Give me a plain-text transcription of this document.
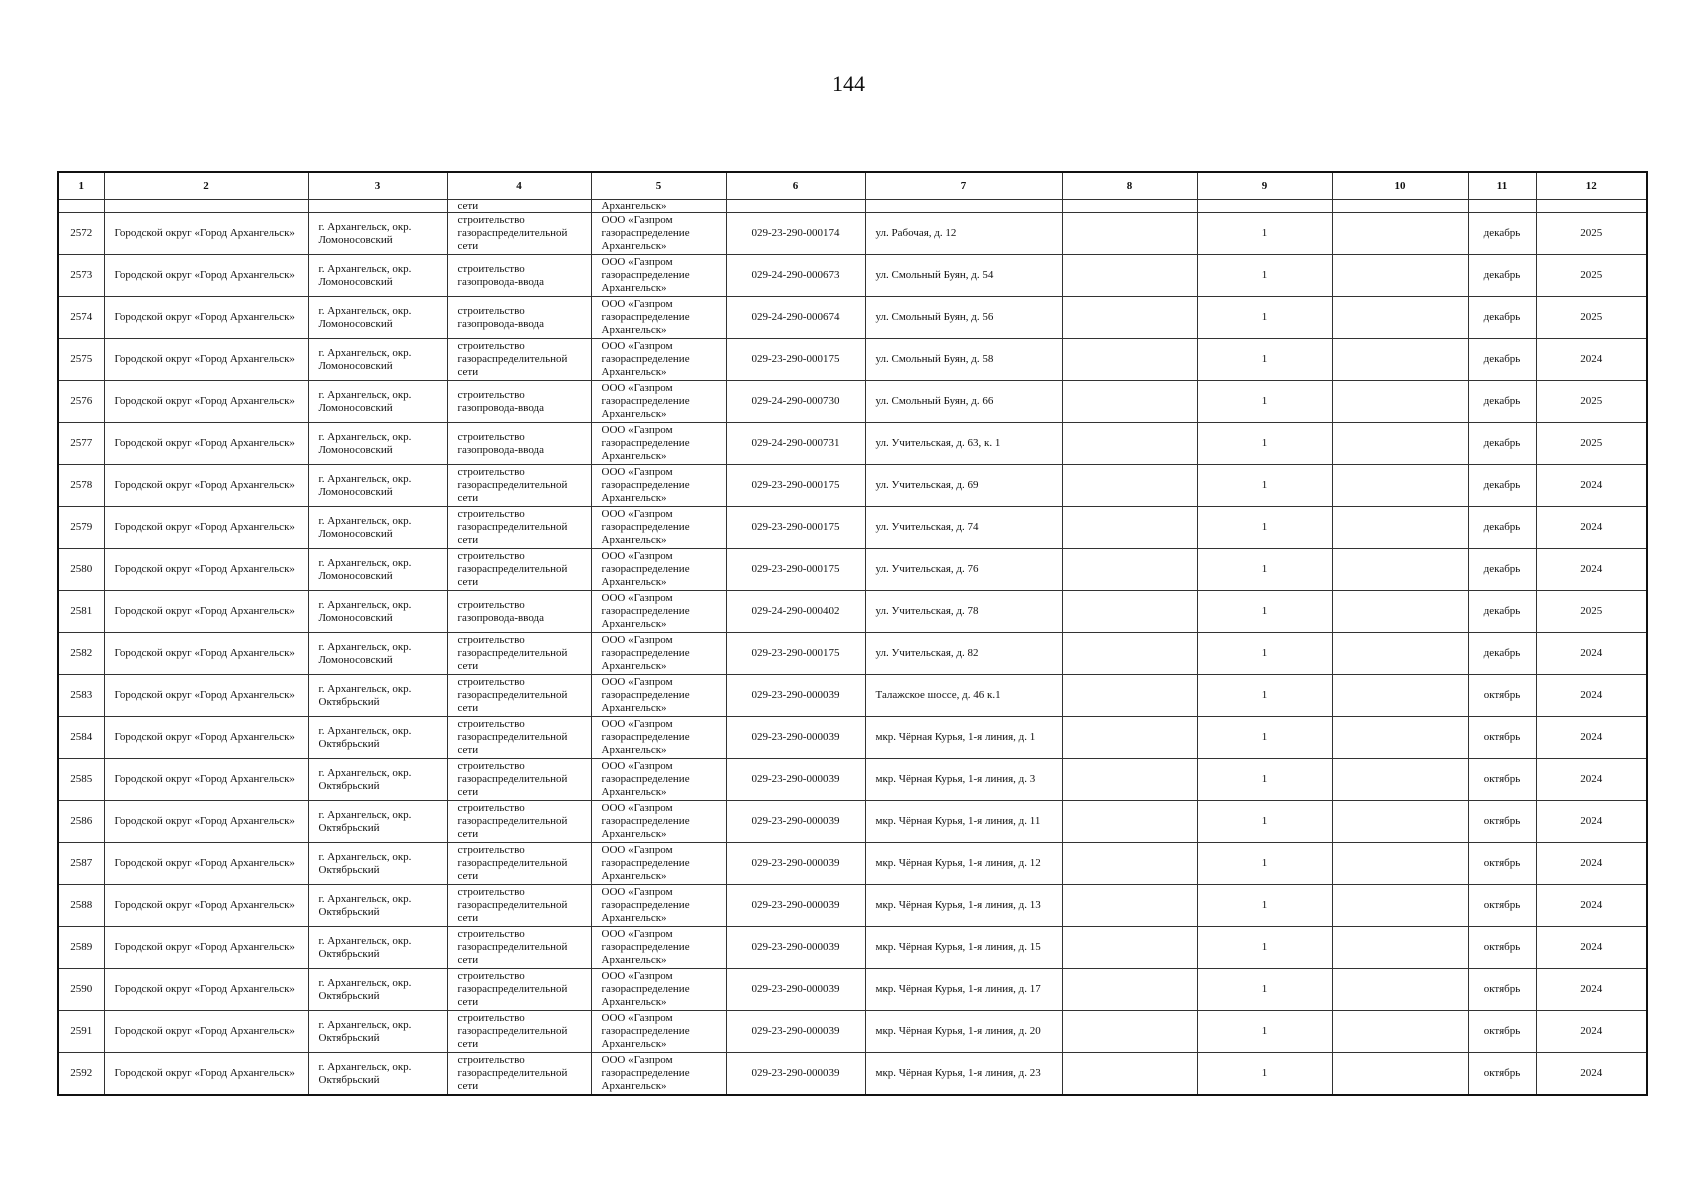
144
1	2	3	4	5	6	7	8	9	10	11	12
			сети	Архангельск»							
2572	Городской округ «Город Архангельск»	г. Архангельск, окр. Ломоносовский	строительство газораспределительной сети	ООО «Газпром газораспределение Архангельск»	029-23-290-000174	ул. Рабочая, д. 12		1		декабрь	2025
2573	Городской округ «Город Архангельск»	г. Архангельск, окр. Ломоносовский	строительство газопровода-ввода	ООО «Газпром газораспределение Архангельск»	029-24-290-000673	ул. Смольный Буян, д. 54		1		декабрь	2025
2574	Городской округ «Город Архангельск»	г. Архангельск, окр. Ломоносовский	строительство газопровода-ввода	ООО «Газпром газораспределение Архангельск»	029-24-290-000674	ул. Смольный Буян, д. 56		1		декабрь	2025
2575	Городской округ «Город Архангельск»	г. Архангельск, окр. Ломоносовский	строительство газораспределительной сети	ООО «Газпром газораспределение Архангельск»	029-23-290-000175	ул. Смольный Буян, д. 58		1		декабрь	2024
2576	Городской округ «Город Архангельск»	г. Архангельск, окр. Ломоносовский	строительство газопровода-ввода	ООО «Газпром газораспределение Архангельск»	029-24-290-000730	ул. Смольный Буян, д. 66		1		декабрь	2025
2577	Городской округ «Город Архангельск»	г. Архангельск, окр. Ломоносовский	строительство газопровода-ввода	ООО «Газпром газораспределение Архангельск»	029-24-290-000731	ул. Учительская, д. 63, к. 1		1		декабрь	2025
2578	Городской округ «Город Архангельск»	г. Архангельск, окр. Ломоносовский	строительство газораспределительной сети	ООО «Газпром газораспределение Архангельск»	029-23-290-000175	ул. Учительская, д. 69		1		декабрь	2024
2579	Городской округ «Город Архангельск»	г. Архангельск, окр. Ломоносовский	строительство газораспределительной сети	ООО «Газпром газораспределение Архангельск»	029-23-290-000175	ул. Учительская, д. 74		1		декабрь	2024
2580	Городской округ «Город Архангельск»	г. Архангельск, окр. Ломоносовский	строительство газораспределительной сети	ООО «Газпром газораспределение Архангельск»	029-23-290-000175	ул. Учительская, д. 76		1		декабрь	2024
2581	Городской округ «Город Архангельск»	г. Архангельск, окр. Ломоносовский	строительство газопровода-ввода	ООО «Газпром газораспределение Архангельск»	029-24-290-000402	ул. Учительская, д. 78		1		декабрь	2025
2582	Городской округ «Город Архангельск»	г. Архангельск, окр. Ломоносовский	строительство газораспределительной сети	ООО «Газпром газораспределение Архангельск»	029-23-290-000175	ул. Учительская, д. 82		1		декабрь	2024
2583	Городской округ «Город Архангельск»	г. Архангельск, окр. Октябрьский	строительство газораспределительной сети	ООО «Газпром газораспределение Архангельск»	029-23-290-000039	Талажское шоссе, д. 46 к.1		1		октябрь	2024
2584	Городской округ «Город Архангельск»	г. Архангельск, окр. Октябрьский	строительство газораспределительной сети	ООО «Газпром газораспределение Архангельск»	029-23-290-000039	мкр. Чёрная Курья, 1-я линия, д. 1		1		октябрь	2024
2585	Городской округ «Город Архангельск»	г. Архангельск, окр. Октябрьский	строительство газораспределительной сети	ООО «Газпром газораспределение Архангельск»	029-23-290-000039	мкр. Чёрная Курья, 1-я линия, д. 3		1		октябрь	2024
2586	Городской округ «Город Архангельск»	г. Архангельск, окр. Октябрьский	строительство газораспределительной сети	ООО «Газпром газораспределение Архангельск»	029-23-290-000039	мкр. Чёрная Курья, 1-я линия, д. 11		1		октябрь	2024
2587	Городской округ «Город Архангельск»	г. Архангельск, окр. Октябрьский	строительство газораспределительной сети	ООО «Газпром газораспределение Архангельск»	029-23-290-000039	мкр. Чёрная Курья, 1-я линия, д. 12		1		октябрь	2024
2588	Городской округ «Город Архангельск»	г. Архангельск, окр. Октябрьский	строительство газораспределительной сети	ООО «Газпром газораспределение Архангельск»	029-23-290-000039	мкр. Чёрная Курья, 1-я линия, д. 13		1		октябрь	2024
2589	Городской округ «Город Архангельск»	г. Архангельск, окр. Октябрьский	строительство газораспределительной сети	ООО «Газпром газораспределение Архангельск»	029-23-290-000039	мкр. Чёрная Курья, 1-я линия, д. 15		1		октябрь	2024
2590	Городской округ «Город Архангельск»	г. Архангельск, окр. Октябрьский	строительство газораспределительной сети	ООО «Газпром газораспределение Архангельск»	029-23-290-000039	мкр. Чёрная Курья, 1-я линия, д. 17		1		октябрь	2024
2591	Городской округ «Город Архангельск»	г. Архангельск, окр. Октябрьский	строительство газораспределительной сети	ООО «Газпром газораспределение Архангельск»	029-23-290-000039	мкр. Чёрная Курья, 1-я линия, д. 20		1		октябрь	2024
2592	Городской округ «Город Архангельск»	г. Архангельск, окр. Октябрьский	строительство газораспределительной сети	ООО «Газпром газораспределение Архангельск»	029-23-290-000039	мкр. Чёрная Курья, 1-я линия, д. 23		1		октябрь	2024
